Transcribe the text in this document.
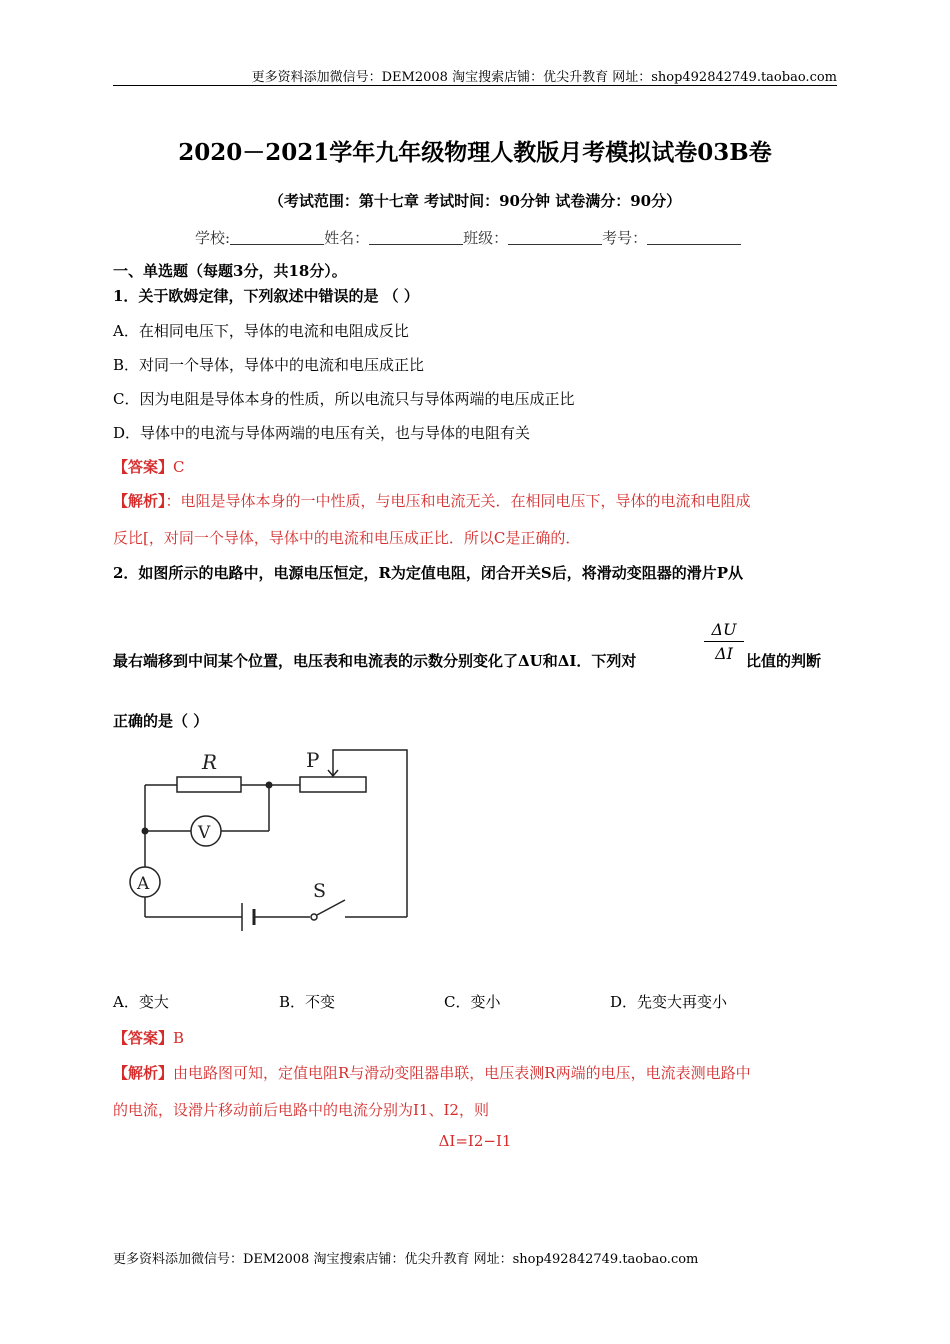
更多资料添加微信号：DEM2008 淘宝搜索店铺：优尖升教育 网址：shop492842749.taobao.com
2020－2021学年九年级物理人教版月考模拟试卷03B卷
（考试范围：第十七章 考试时间：90分钟 试卷满分：90分）
学校:	姓名：	班级：	考号：
一、单选题（每题3分，共18分）。
1．关于欧姆定律，下列叙述中错误的是 （ ）
A．在相同电压下，导体的电流和电阻成反比
B．对同一个导体，导体中的电流和电压成正比
C．因为电阻是导体本身的性质，所以电流只与导体两端的电压成正比
D．导体中的电流与导体两端的电压有关，也与导体的电阻有关
【答案】C
【解析】：电阻是导体本身的一中性质，与电压和电流无关．在相同电压下，导体的电流和电阻成
反比[，对同一个导体，导体中的电流和电压成正比．所以C是正确的．
2．如图所示的电路中，电源电压恒定，R为定值电阻，闭合开关S后，将滑动变阻器的滑片P从
最右端移到中间某个位置，电压表和电流表的示数分别变化了ΔU和ΔI．下列对	$\frac{\Delta U}{\Delta I}$ 比值的判断
正确的是（ ）
R	P
V
A	S
A．变大	B．不变	C．变小	D．先变大再变小
【答案】B
【解析】由电路图可知，定值电阻R与滑动变阻器串联，电压表测R两端的电压，电流表测电路中
的电流，设滑片移动前后电路中的电流分别为I1、I2，则
ΔI=I2−I1
更多资料添加微信号：DEM2008 淘宝搜索店铺：优尖升教育 网址：shop492842749.taobao.com
